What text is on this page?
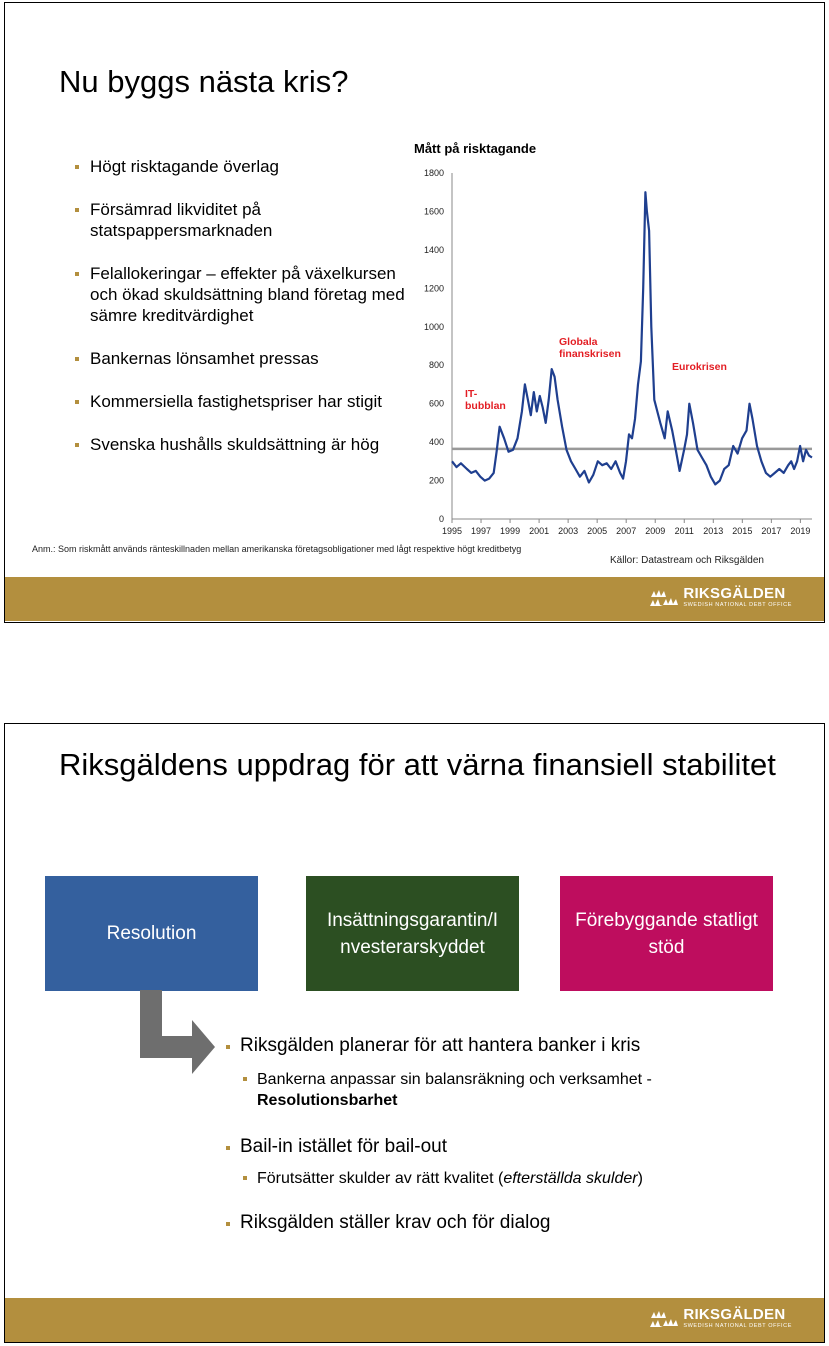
Nu byggs nästa kris?
Högt risktagande överlag
Försämrad likviditet på statspappersmarknaden
Felallokeringar – effekter på växelkursen och ökad skuldsättning bland företag med sämre kreditvärdighet
Bankernas lönsamhet pressas
Kommersiella fastighetspriser har stigit
Svenska hushålls skuldsättning är hög
Mått på risktagande
0
200
400
600
800
1000
1200
1400
1600
1800
1995 1997 1999 2001 2003 2005 2007 2009 2011 2013 2015 2017 2019
IT-bubblan
Globala finanskrisen
Eurokrisen
Anm.: Som riskmått används ränteskillnaden mellan amerikanska företagsobligationer med lågt respektive högt kreditbetyg
Källor: Datastream och Riksgälden
Riksgäldens uppdrag för att värna finansiell stabilitet
Resolution
Insättningsgarantin/I nvesterarskyddet
Förebyggande statligt stöd
Riksgälden planerar för att hantera banker i kris
Bankerna anpassar sin balansräkning och verksamhet -
Resolutionsbarhet
Bail-in istället för bail-out
Förutsätter skulder av rätt kvalitet (efterställda skulder)
Riksgälden ställer krav och för dialog
RIKSGÄLDEN
SWEDISH NATIONAL DEBT OFFICE
RIKSGÄLDEN
SWEDISH NATIONAL DEBT OFFICE
